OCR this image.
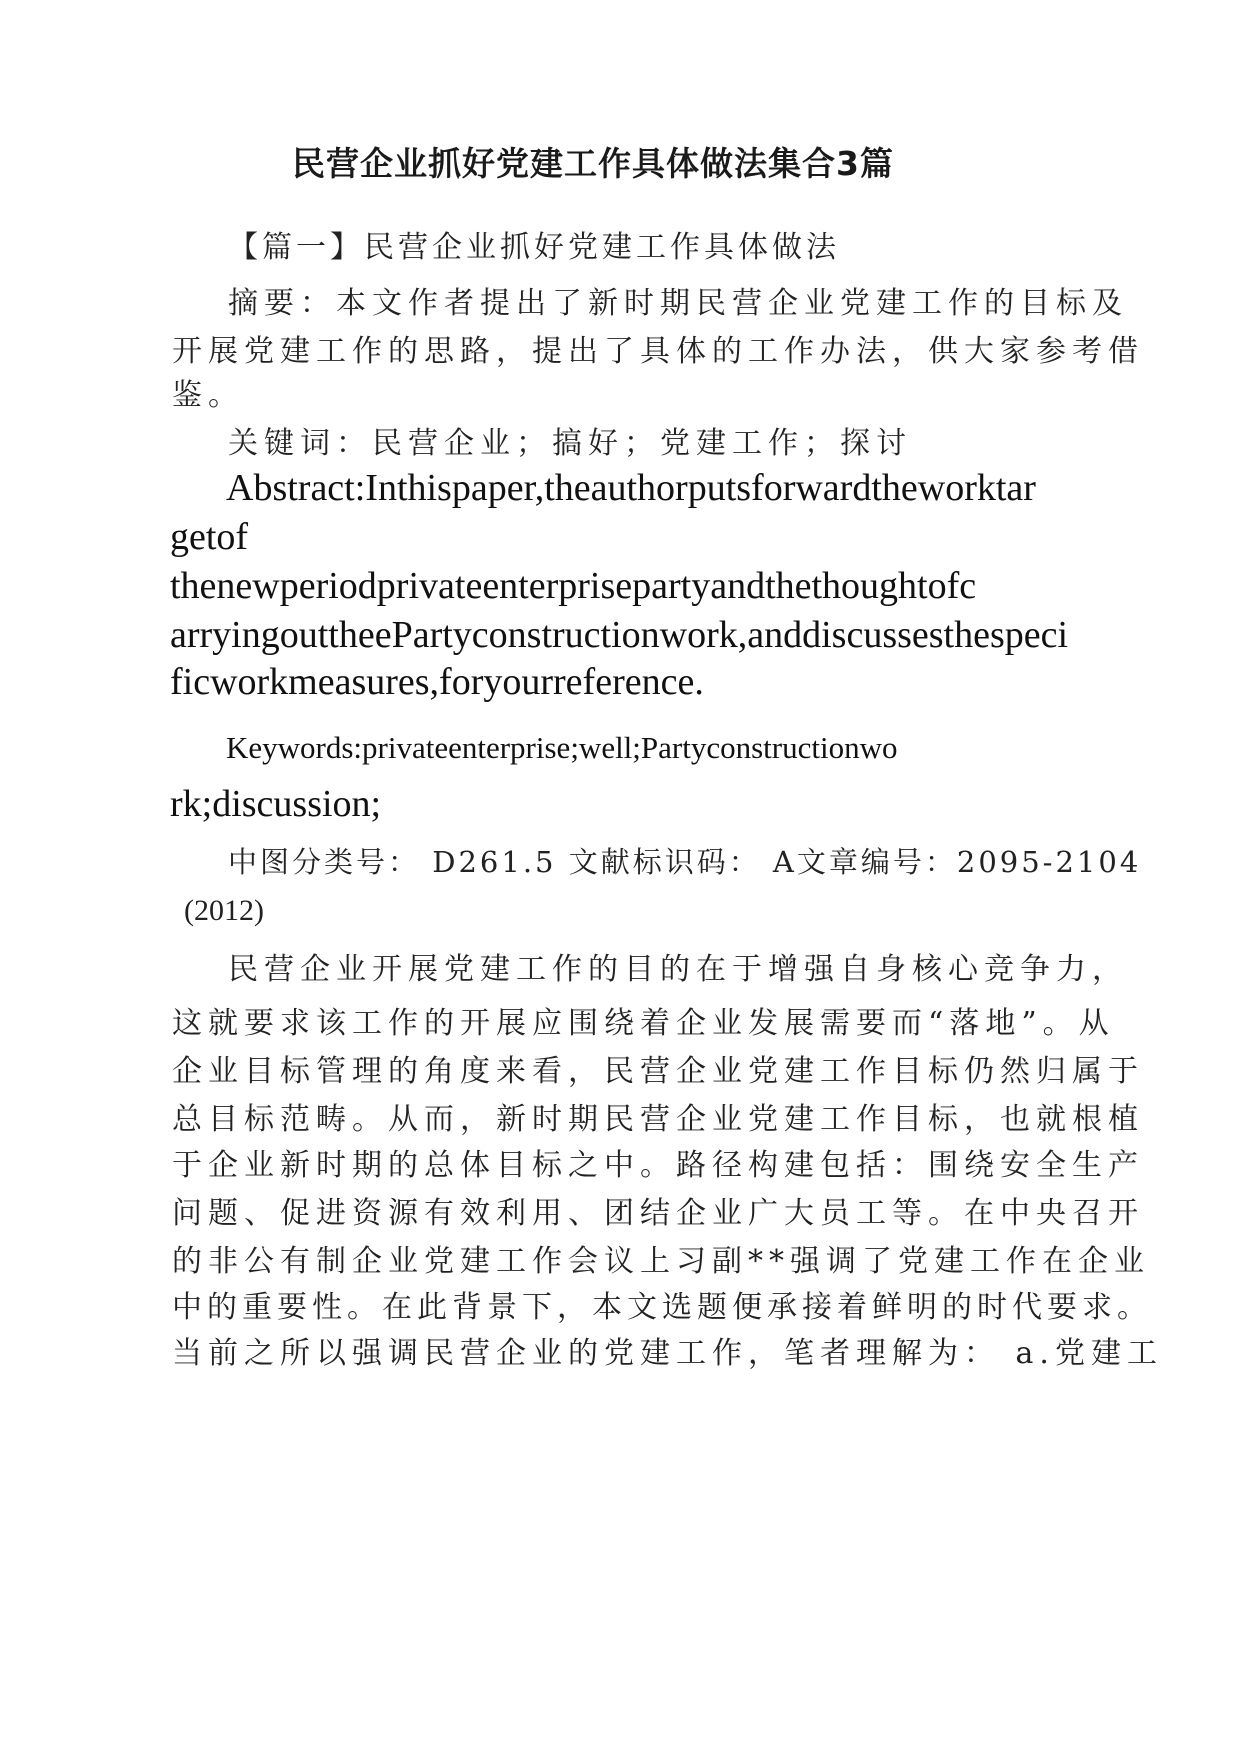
民营企业抓好党建工作具体做法集合3篇
【篇一】民营企业抓好党建工作具体做法
摘要：本文作者提出了新时期民营企业党建工作的目标及
开展党建工作的思路，提出了具体的工作办法，供大家参考借
鉴。
关键词：民营企业；搞好；党建工作；探讨
Abstract:Inthispaper,theauthorputsforwardtheworktar
getof
thenewperiodprivateenterprisepartyandthethoughtofc
arryingouttheePartyconstructionwork,anddiscussesthespeci
ficworkmeasures,foryourreference.
Keywords:privateenterprise;well;Partyconstructionwo
rk;discussion;
中图分类号： D261.5 文献标识码： A文章编号：2095-2104
(2012)
民营企业开展党建工作的目的在于增强自身核心竞争力，
这就要求该工作的开展应围绕着企业发展需要而“落地”。从
企业目标管理的角度来看，民营企业党建工作目标仍然归属于
总目标范畴。从而，新时期民营企业党建工作目标，也就根植
于企业新时期的总体目标之中。路径构建包括：围绕安全生产
问题、促进资源有效利用、团结企业广大员工等。在中央召开
的非公有制企业党建工作会议上习副**强调了党建工作在企业
中的重要性。在此背景下，本文选题便承接着鲜明的时代要求。
当前之所以强调民营企业的党建工作，笔者理解为： a.党建工
